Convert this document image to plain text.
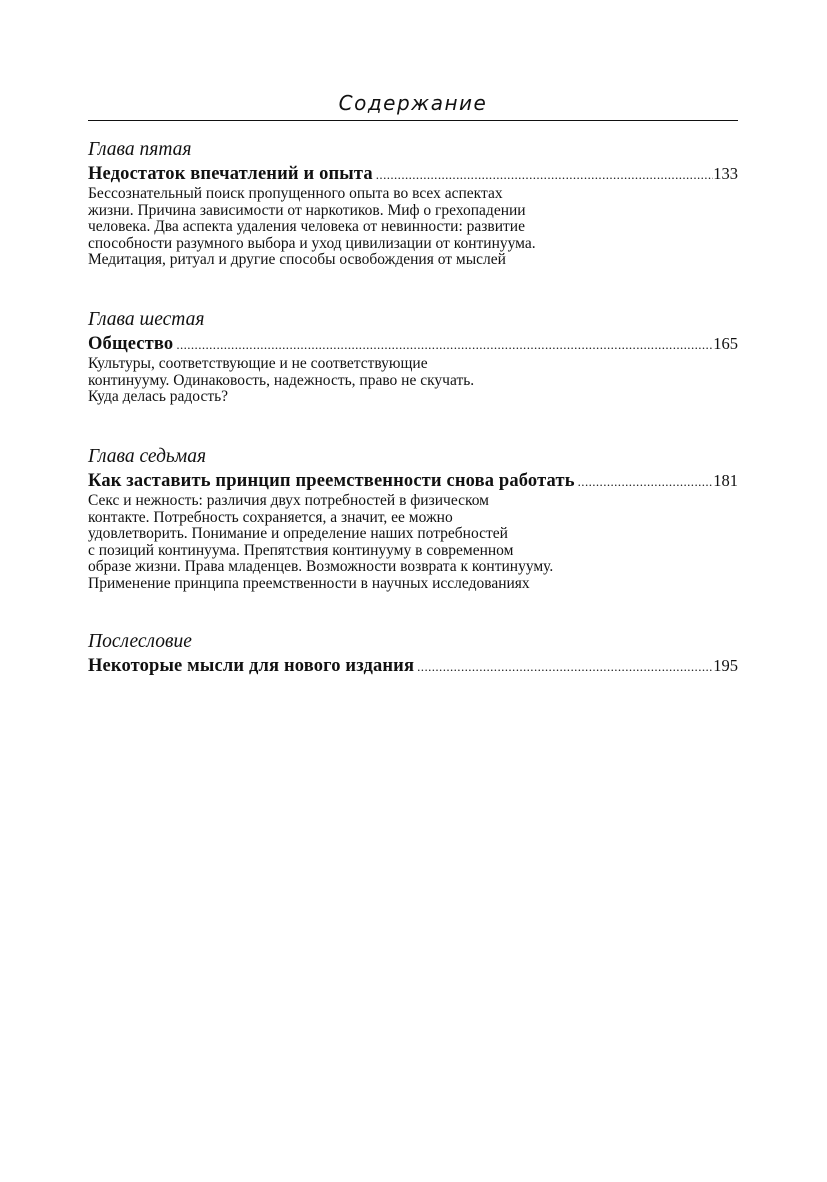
Содержание
Глава пятая
Недостаток впечатлений и опыта .....	133
Бессознательный поиск пропущенного опыта во всех аспектах
жизни. Причина зависимости от наркотиков. Миф о грехопадении
человека. Два аспекта удаления человека от невинности: развитие
способности разумного выбора и уход цивилизации от континуума.
Медитация, ритуал и другие способы освобождения от мыслей
Глава шестая
Общество .....	165
Культуры, соответствующие и не соответствующие
континууму. Одинаковость, надежность, право не скучать.
Куда делась радость?
Глава седьмая
Как заставить принцип преемственности снова работать .....	181
Секс и нежность: различия двух потребностей в физическом
контакте. Потребность сохраняется, а значит, ее можно
удовлетворить. Понимание и определение наших потребностей
с позиций континуума. Препятствия континууму в современном
образе жизни. Права младенцев. Возможности возврата к континууму.
Применение принципа преемственности в научных исследованиях
Послесловие
Некоторые мысли для нового издания .....	195
